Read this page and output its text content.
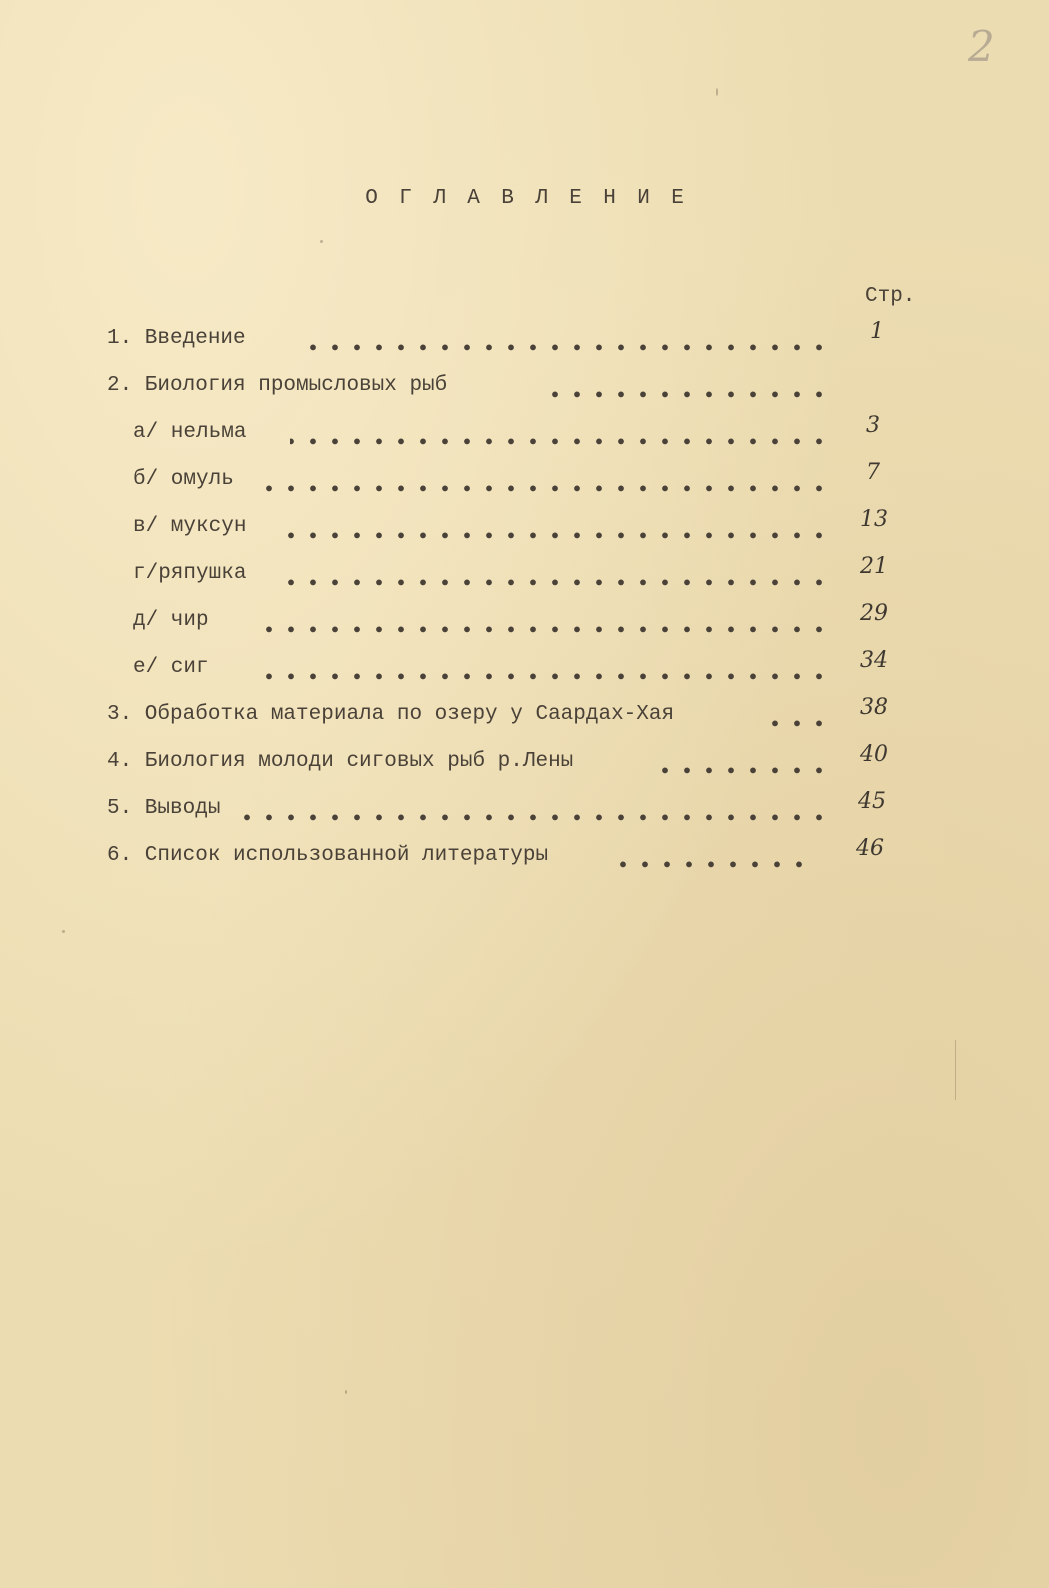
2
О Г Л А В Л Е Н И Е
Стр.
1. Введение	1
2. Биология промысловых рыб
а/ нельма	3
б/ омуль	7
в/ муксун	13
г/ряпушка	21
д/ чир	29
е/ сиг	34
3. Обработка материала по озеру у Саардах-Хая	38
4. Биология молоди сиговых рыб р.Лены	40
5. Выводы	45
6. Список использованной литературы	46
